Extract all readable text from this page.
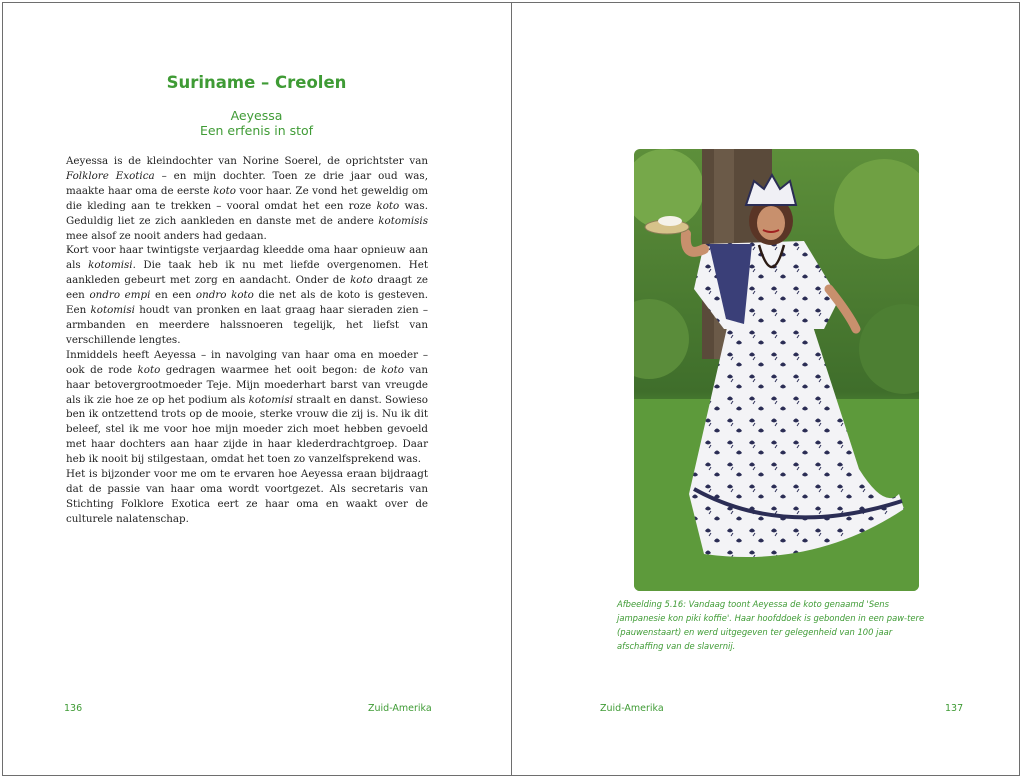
Suriname – Creolen
Aeyessa
Een erfenis in stof

Aeyessa is de kleindochter van Norine Soerel, de oprichtster van Folklore Exotica – en mijn dochter. Toen ze drie jaar oud was, maakte haar oma de eerste koto voor haar. Ze vond het geweldig om die kleding aan te trekken – vooral omdat het een roze koto was. Geduldig liet ze zich aankleden en danste met de andere kotomisis mee alsof ze nooit anders had gedaan.

Kort voor haar twintigste verjaardag kleedde oma haar opnieuw aan als kotomisi. Die taak heb ik nu met liefde overgenomen. Het aankleden gebeurt met zorg en aandacht. Onder de koto draagt ze een ondro empi en een ondro koto die net als de koto is gesteven. Een kotomisi houdt van pronken en laat graag haar sieraden zien – armbanden en meerdere halssnoeren tegelijk, het liefst van verschillende lengtes.

Inmiddels heeft Aeyessa – in navolging van haar oma en moeder – ook de rode koto gedragen waarmee het ooit begon: de koto van haar betovergrootmoeder Teje. Mijn moederhart barst van vreugde als ik zie hoe ze op het podium als kotomisi straalt en danst. Sowieso ben ik ontzettend trots op de mooie, sterke vrouw die zij is. Nu ik dit beleef, stel ik me voor hoe mijn moeder zich moet hebben gevoeld met haar dochters aan haar zijde in haar klederdrachtgroep. Daar heb ik nooit bij stilgestaan, omdat het toen zo vanzelfsprekend was.

Het is bijzonder voor me om te ervaren hoe Aeyessa eraan bijdraagt dat de passie van haar oma wordt voortgezet. Als secretaris van Stichting Folklore Exotica eert ze haar oma en waakt over de culturele nalatenschap.

136	Zuid-Amerika
Afbeelding 5.16: Vandaag toont Aeyessa de koto genaamd 'Sens jampanesie kon piki koffie'. Haar hoofddoek is gebonden in een paw-tere (pauwenstaart) en werd uitgegeven ter gelegenheid van 100 jaar afschaffing van de slavernij.
Zuid-Amerika	137
